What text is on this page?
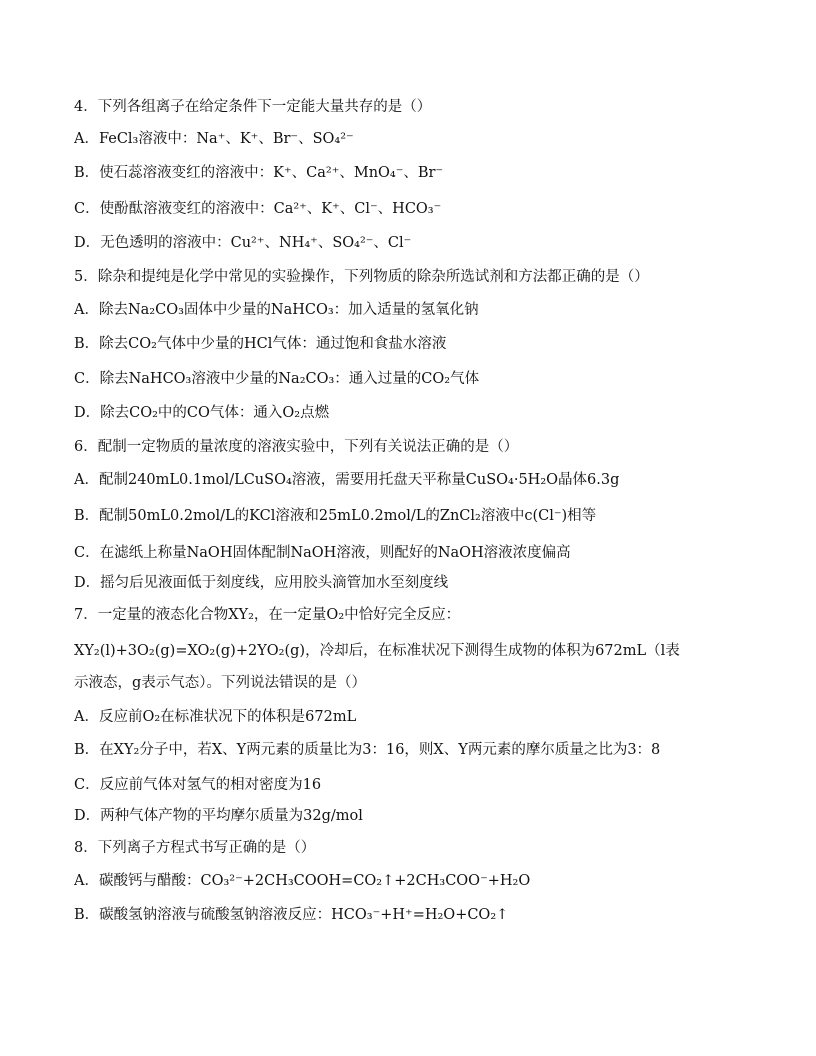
4．下列各组离子在给定条件下一定能大量共存的是（）
A．FeCl₃溶液中：Na⁺、K⁺、Br⁻、SO₄²⁻
B．使石蕊溶液变红的溶液中：K⁺、Ca²⁺、MnO₄⁻、Br⁻
C．使酚酞溶液变红的溶液中：Ca²⁺、K⁺、Cl⁻、HCO₃⁻
D．无色透明的溶液中：Cu²⁺、NH₄⁺、SO₄²⁻、Cl⁻
5．除杂和提纯是化学中常见的实验操作，下列物质的除杂所选试剂和方法都正确的是（）
A．除去Na₂CO₃固体中少量的NaHCO₃：加入适量的氢氧化钠
B．除去CO₂气体中少量的HCl气体：通过饱和食盐水溶液
C．除去NaHCO₃溶液中少量的Na₂CO₃：通入过量的CO₂气体
D．除去CO₂中的CO气体：通入O₂点燃
6．配制一定物质的量浓度的溶液实验中，下列有关说法正确的是（）
A．配制240mL0.1mol/LCuSO₄溶液，需要用托盘天平称量CuSO₄·5H₂O晶体6.3g
B．配制50mL0.2mol/L的KCl溶液和25mL0.2mol/L的ZnCl₂溶液中c(Cl⁻)相等
C．在滤纸上称量NaOH固体配制NaOH溶液，则配好的NaOH溶液浓度偏高
D．摇匀后见液面低于刻度线，应用胶头滴管加水至刻度线
7．一定量的液态化合物XY₂，在一定量O₂中恰好完全反应：
XY₂(l)+3O₂(g)=XO₂(g)+2YO₂(g)，冷却后，在标准状况下测得生成物的体积为672mL（l表
示液态，g表示气态）。下列说法错误的是（）
A．反应前O₂在标准状况下的体积是672mL
B．在XY₂分子中，若X、Y两元素的质量比为3：16，则X、Y两元素的摩尔质量之比为3：8
C．反应前气体对氢气的相对密度为16
D．两种气体产物的平均摩尔质量为32g/mol
8．下列离子方程式书写正确的是（）
A．碳酸钙与醋酸：CO₃²⁻+2CH₃COOH=CO₂↑+2CH₃COO⁻+H₂O
B．碳酸氢钠溶液与硫酸氢钠溶液反应：HCO₃⁻+H⁺=H₂O+CO₂↑
